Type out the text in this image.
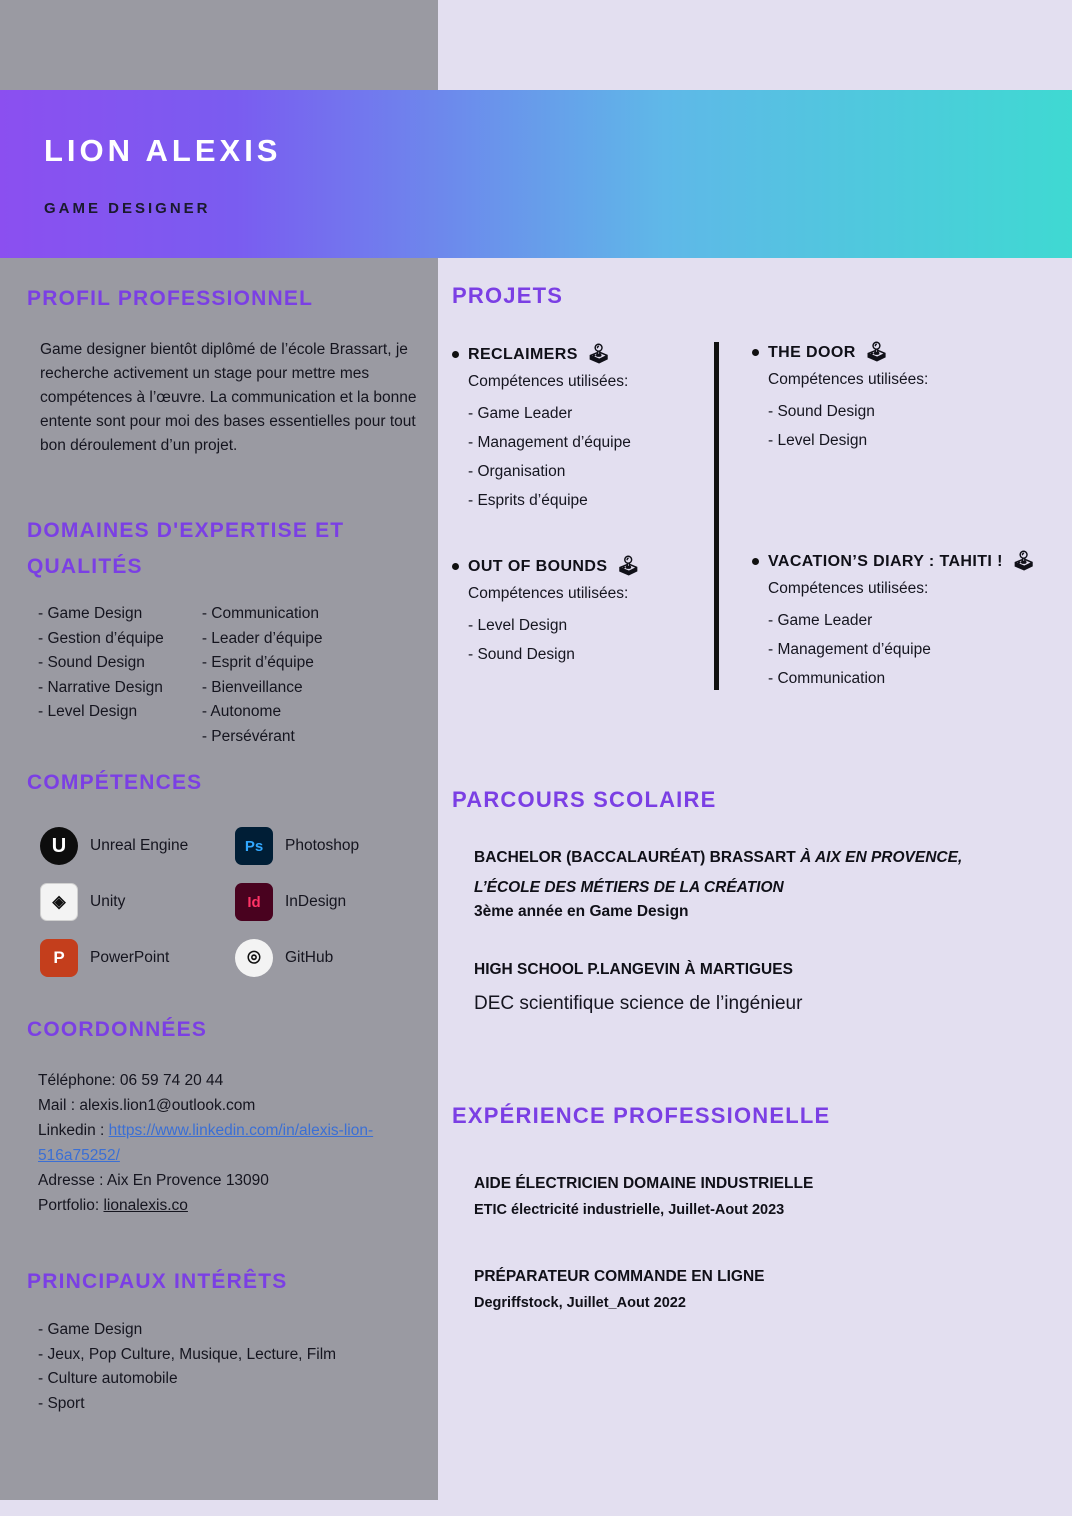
LION ALEXIS
GAME DESIGNER
PROFIL PROFESSIONNEL
Game designer bientôt diplômé de l’école Brassart, je recherche activement un stage pour mettre mes compétences à l’œuvre. La communication et la bonne entente sont pour moi des bases essentielles pour tout bon déroulement d’un projet.
DOMAINES D'EXPERTISE ET QUALITÉS
- Game Design
- Gestion d’équipe
- Sound Design
- Narrative Design
- Level Design
- Communication
- Leader d’équipe
- Esprit d’équipe
- Bienveillance
- Autonome
- Persévérant
COMPÉTENCES
U	Unreal Engine	Ps	Photoshop
◈	Unity	Id	InDesign
P	PowerPoint	⌾	GitHub
COORDONNÉES
Téléphone: 06 59 74 20 44
Mail : alexis.lion1@outlook.com
Linkedin : https://www.linkedin.com/in/alexis-lion-516a75252/
Adresse : Aix En Provence 13090
Portfolio: lionalexis.co
PRINCIPAUX INTÉRÊTS
- Game Design
- Jeux, Pop Culture, Musique, Lecture, Film
- Culture automobile
- Sport
PROJETS
RECLAIMERS 🕹
Compétences utilisées:
- Game Leader
- Management d’équipe
- Organisation
- Esprits d’équipe
OUT OF BOUNDS 🕹
Compétences utilisées:
- Level Design
- Sound Design
THE DOOR 🕹
Compétences utilisées:
- Sound Design
- Level Design
VACATION’S DIARY : TAHITI ! 🕹
Compétences utilisées:
- Game Leader
- Management d’équipe
- Communication
PARCOURS SCOLAIRE
BACHELOR (BACCALAURÉAT) BRASSART À AIX EN PROVENCE, L’ÉCOLE DES MÉTIERS DE LA CRÉATION
3ème année en Game Design
HIGH SCHOOL P.LANGEVIN À MARTIGUES
DEC scientifique science de l’ingénieur
EXPÉRIENCE PROFESSIONELLE
AIDE ÉLECTRICIEN DOMAINE INDUSTRIELLE
ETIC électricité industrielle, Juillet-Aout 2023
PRÉPARATEUR COMMANDE EN LIGNE
Degriffstock, Juillet_Aout 2022
